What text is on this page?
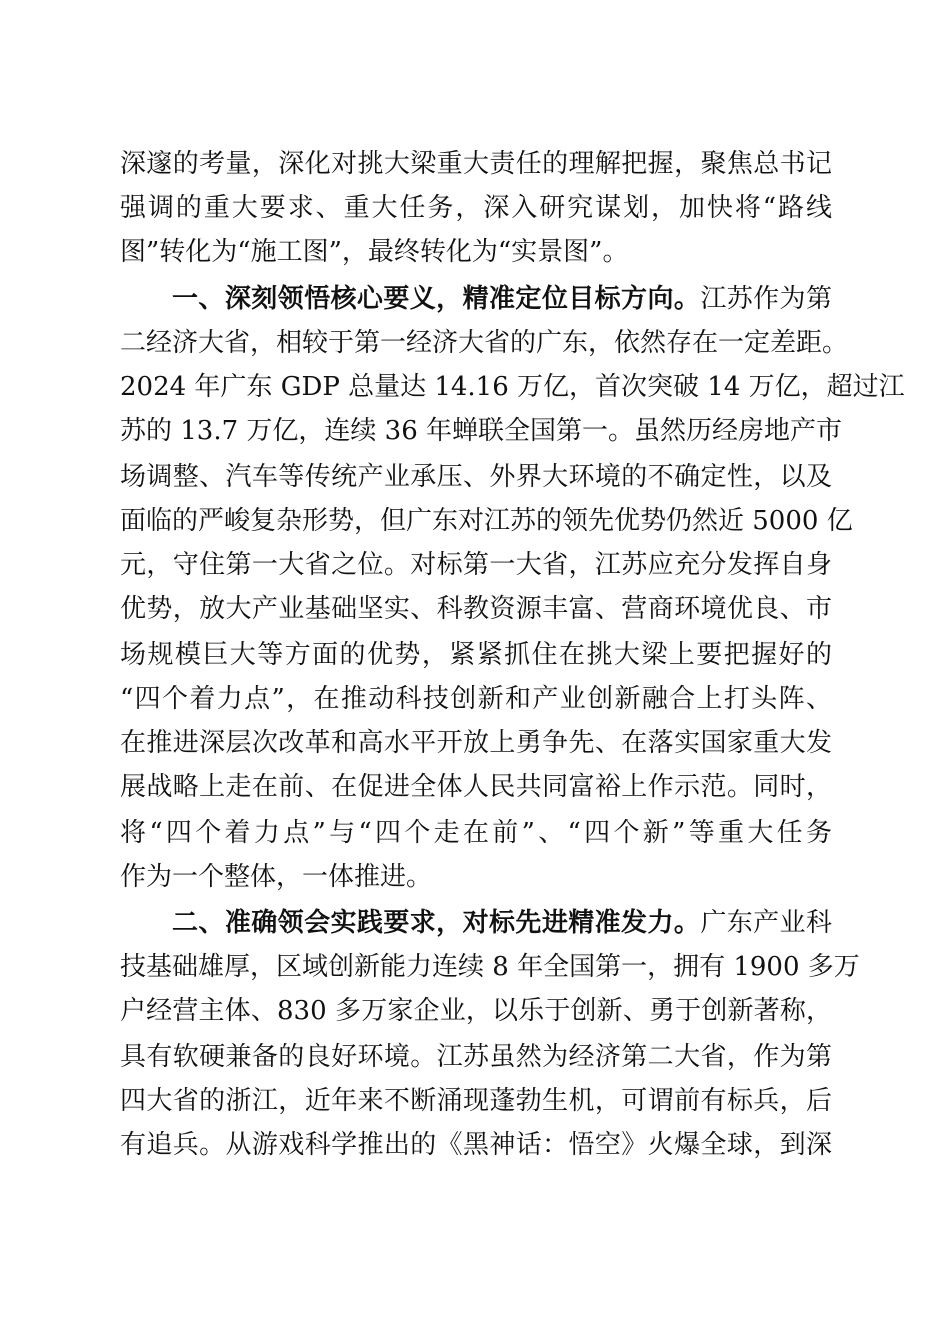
深邃的考量，深化对挑大梁重大责任的理解把握，聚焦总书记
强调的重大要求、重大任务，深入研究谋划，加快将“路线
图”转化为“施工图”，最终转化为“实景图”。
一、深刻领悟核心要义，精准定位目标方向。江苏作为第
二经济大省，相较于第一经济大省的广东，依然存在一定差距。
2024 年广东 GDP 总量达 14.16 万亿，首次突破 14 万亿，超过江
苏的 13.7 万亿，连续 36 年蝉联全国第一。虽然历经房地产市
场调整、汽车等传统产业承压、外界大环境的不确定性，以及
面临的严峻复杂形势，但广东对江苏的领先优势仍然近 5000 亿
元，守住第一大省之位。对标第一大省，江苏应充分发挥自身
优势，放大产业基础坚实、科教资源丰富、营商环境优良、市
场规模巨大等方面的优势，紧紧抓住在挑大梁上要把握好的
“四个着力点”，在推动科技创新和产业创新融合上打头阵、
在推进深层次改革和高水平开放上勇争先、在落实国家重大发
展战略上走在前、在促进全体人民共同富裕上作示范。同时，
将“四个着力点”与“四个走在前”、“四个新”等重大任务
作为一个整体，一体推进。
二、准确领会实践要求，对标先进精准发力。广东产业科
技基础雄厚，区域创新能力连续 8 年全国第一，拥有 1900 多万
户经营主体、830 多万家企业，以乐于创新、勇于创新著称，
具有软硬兼备的良好环境。江苏虽然为经济第二大省，作为第
四大省的浙江，近年来不断涌现蓬勃生机，可谓前有标兵，后
有追兵。从游戏科学推出的《黑神话：悟空》火爆全球，到深
